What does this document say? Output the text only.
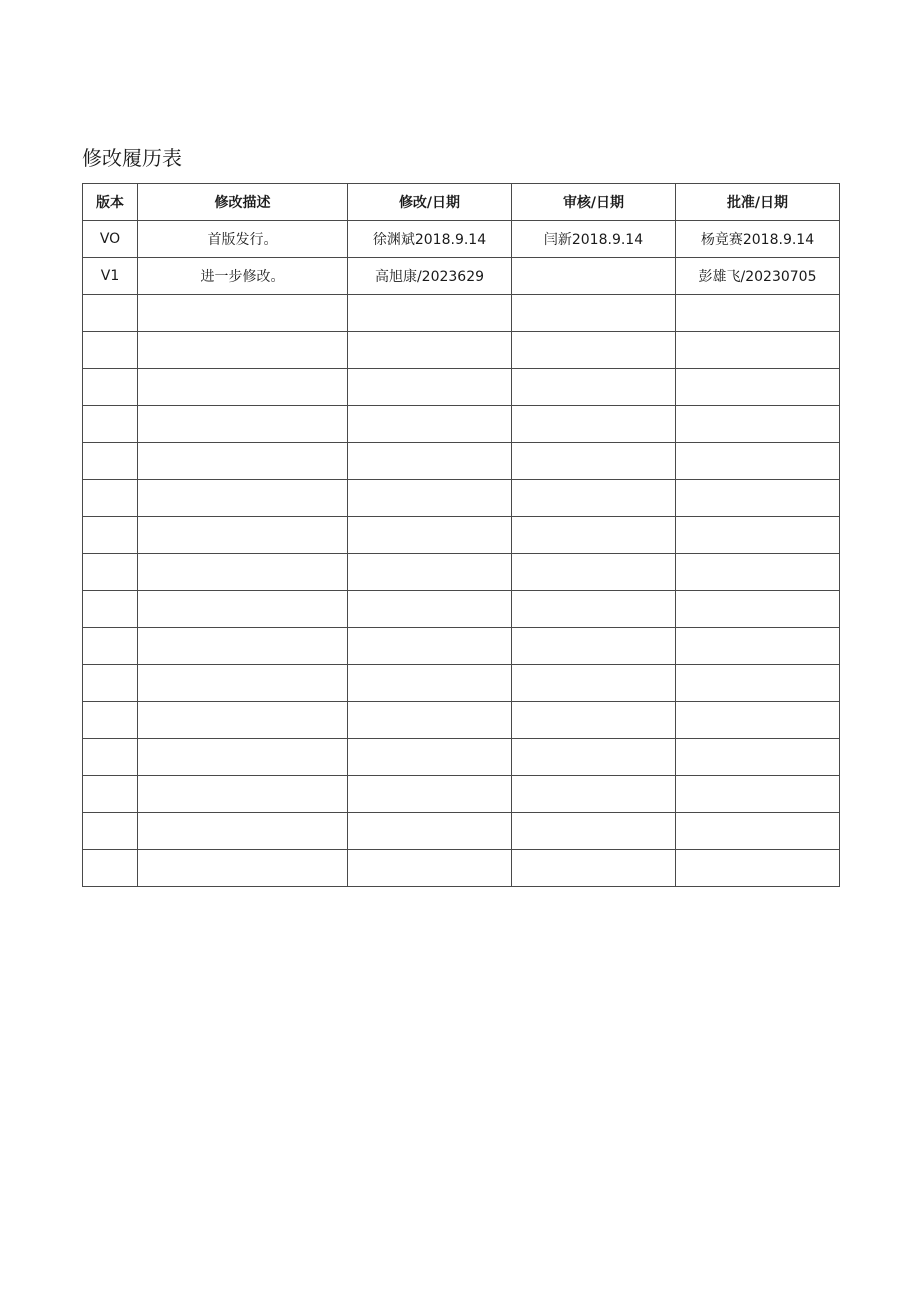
修改履历表
版本	修改描述	修改/日期	审核/日期	批准/日期
VO	首版发行。	徐渊斌2018.9.14	闫新2018.9.14	杨竟赛2018.9.14
V1	进一步修改。	高旭康/2023629		彭雄飞/20230705
